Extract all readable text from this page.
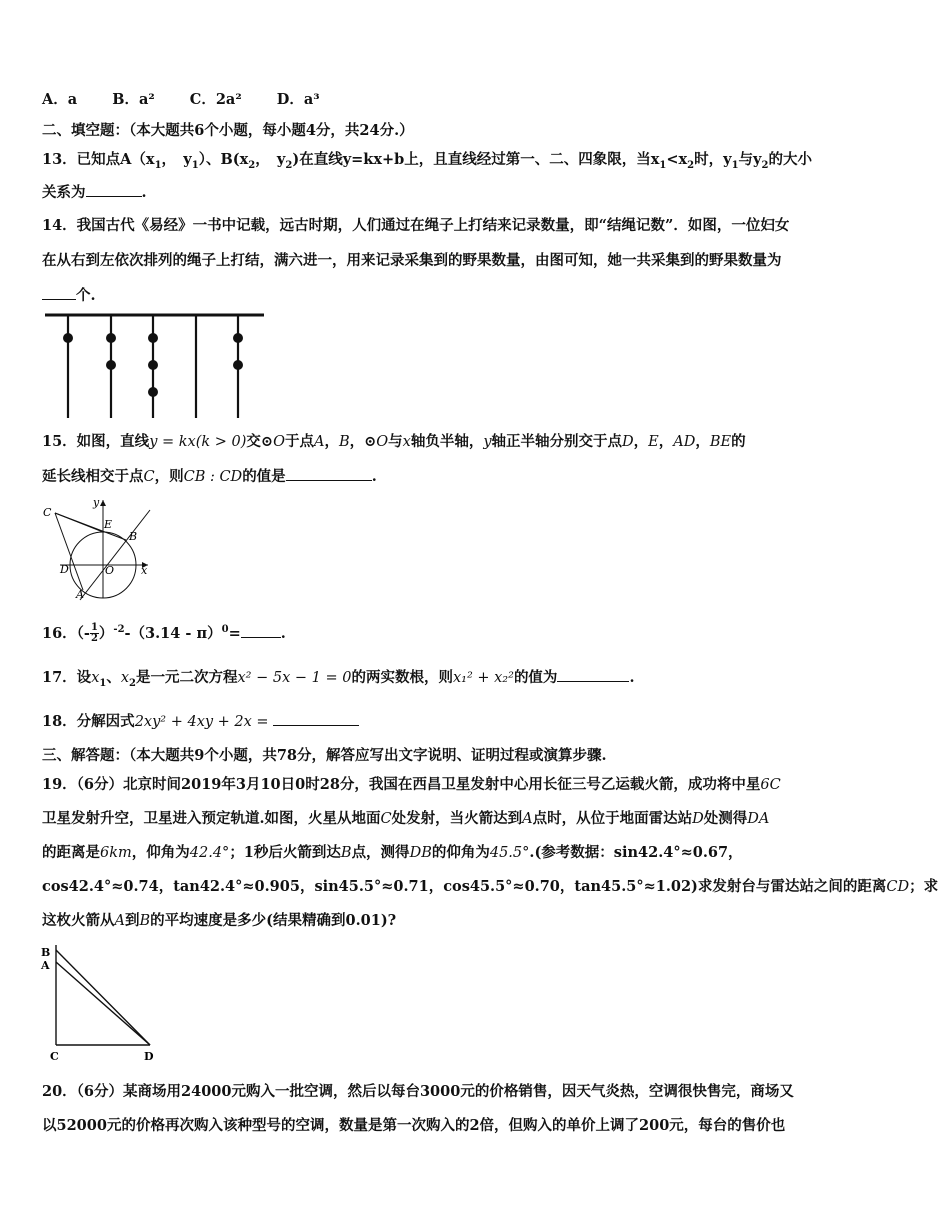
A．a B．a² C．2a² D．a³
二、填空题：（本大题共6个小题，每小题4分，共24分.）
13．已知点$A(x_1$，　$y_1$）、$B(x_2$，　$y_2$)在直线y=kx+b上，且直线经过第一、二、四象限，当$x_1<x_2$时，$y_1$与$y_2$的大小
关系为	.
14．我国古代《易经》一书中记载，远古时期，人们通过在绳子上打结来记录数量，即“结绳记数”．如图，一位妇女
在从右到左依次排列的绳子上打结，满六进一，用来记录采集到的野果数量，由图可知，她一共采集到的野果数量为
个.
15．如图，直线y = kx(k > 0)交⊙O于点A，B，⊙O与x轴负半轴，y轴正半轴分别交于点D，E，AD，BE的
延长线相交于点C，则CB : CD的值是	.
C
y
E
B
D	O x
A
16．（- $\frac{1}{2} )^{-2}-(3.14 - \pi)^0=$	.
17．设$x_1$、$x_2$是一元二次方程x² − 5x − 1 = 0的两实数根，则x₁² + x₂²的值为	.
18．分解因式2xy² + 4xy + 2x =
三、解答题：（本大题共9个小题，共78分，解答应写出文字说明、证明过程或演算步骤.
19．（6分）北京时间2019年3月10日0时28分，我国在西昌卫星发射中心用长征三号乙运载火箭，成功将中星6C
卫星发射升空，卫星进入预定轨道.如图，火星从地面C处发射，当火箭达到A点时，从位于地面雷达站D处测得DA
的距离是6km，仰角为42.4°；1秒后火箭到达B点，测得DB的仰角为45.5°.(参考数据：sin42.4°≈0.67，
cos42.4°≈0.74，tan42.4°≈0.905，sin45.5°≈0.71，cos45.5°≈0.70，tan45.5°≈1.02)求发射台与雷达站之间的距离CD；求
这枚火箭从A到B的平均速度是多少(结果精确到0.01)?
B
A
C	D
20．（6分）某商场用24000元购入一批空调，然后以每台3000元的价格销售，因天气炎热，空调很快售完，商场又
以52000元的价格再次购入该种型号的空调，数量是第一次购入的2倍，但购入的单价上调了200元，每台的售价也
